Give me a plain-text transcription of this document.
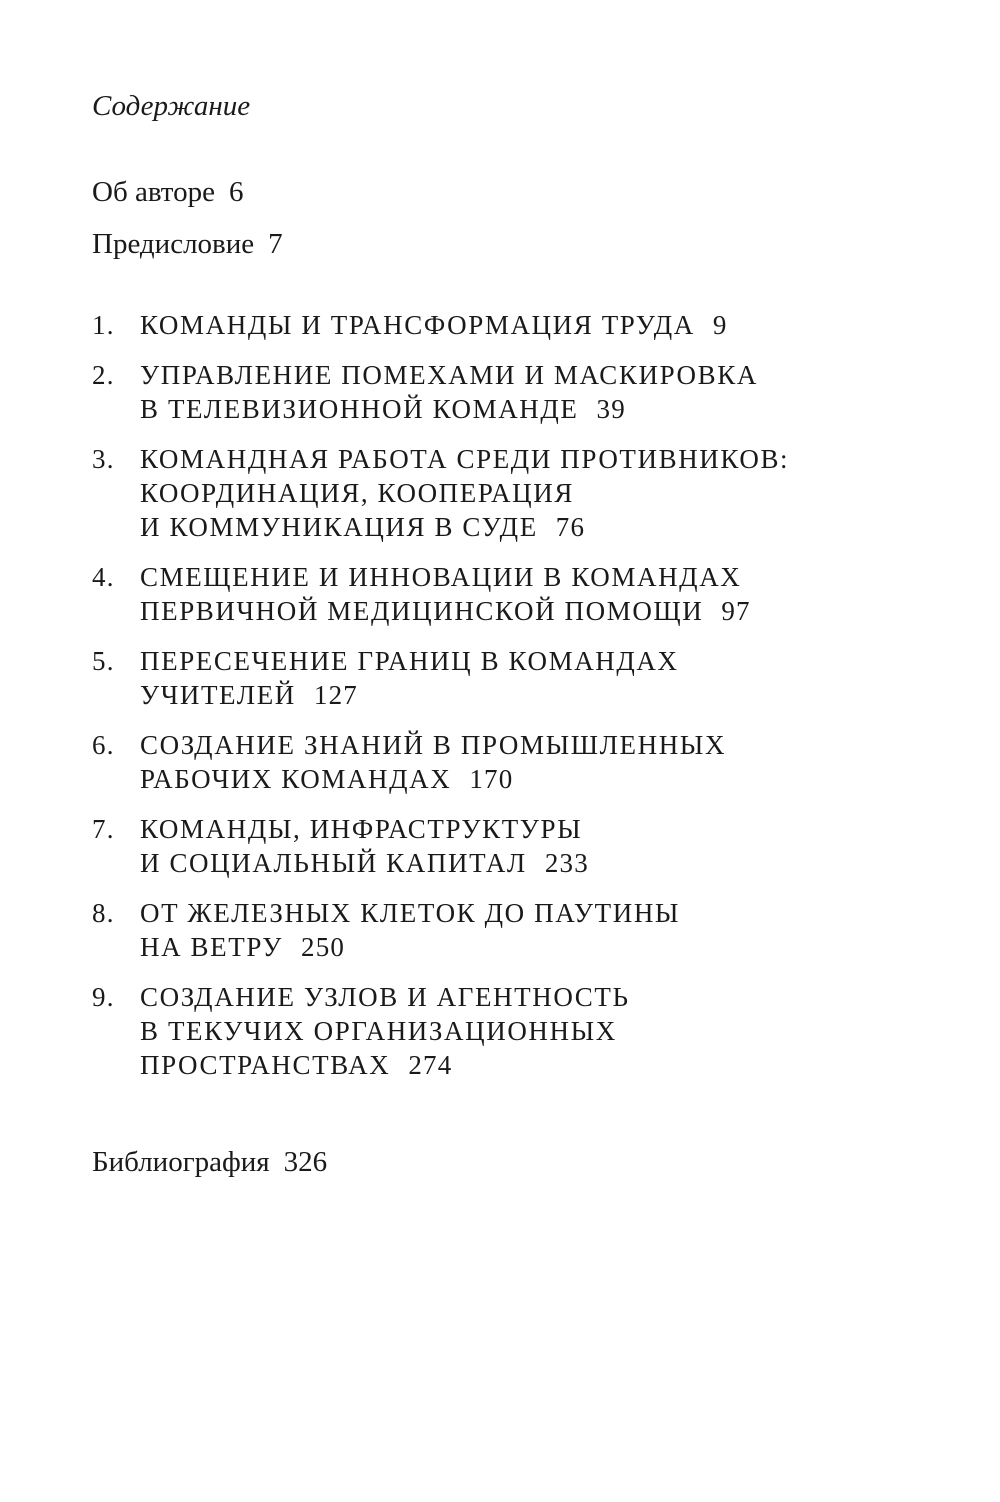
Содержание
Об авторе 6
Предисловие 7
1. КОМАНДЫ И ТРАНСФОРМАЦИЯ ТРУДА 9
2. УПРАВЛЕНИЕ ПОМЕХАМИ И МАСКИРОВКА
В ТЕЛЕВИЗИОННОЙ КОМАНДЕ 39
3. КОМАНДНАЯ РАБОТА СРЕДИ ПРОТИВНИКОВ:
КООРДИНАЦИЯ, КООПЕРАЦИЯ
И КОММУНИКАЦИЯ В СУДЕ 76
4. СМЕЩЕНИЕ И ИННОВАЦИИ В КОМАНДАХ
ПЕРВИЧНОЙ МЕДИЦИНСКОЙ ПОМОЩИ 97
5. ПЕРЕСЕЧЕНИЕ ГРАНИЦ В КОМАНДАХ
УЧИТЕЛЕЙ 127
6. СОЗДАНИЕ ЗНАНИЙ В ПРОМЫШЛЕННЫХ
РАБОЧИХ КОМАНДАХ 170
7. КОМАНДЫ, ИНФРАСТРУКТУРЫ
И СОЦИАЛЬНЫЙ КАПИТАЛ 233
8. ОТ ЖЕЛЕЗНЫХ КЛЕТОК ДО ПАУТИНЫ
НА ВЕТРУ 250
9. СОЗДАНИЕ УЗЛОВ И АГЕНТНОСТЬ
В ТЕКУЧИХ ОРГАНИЗАЦИОННЫХ
ПРОСТРАНСТВАХ 274
Библиография 326
